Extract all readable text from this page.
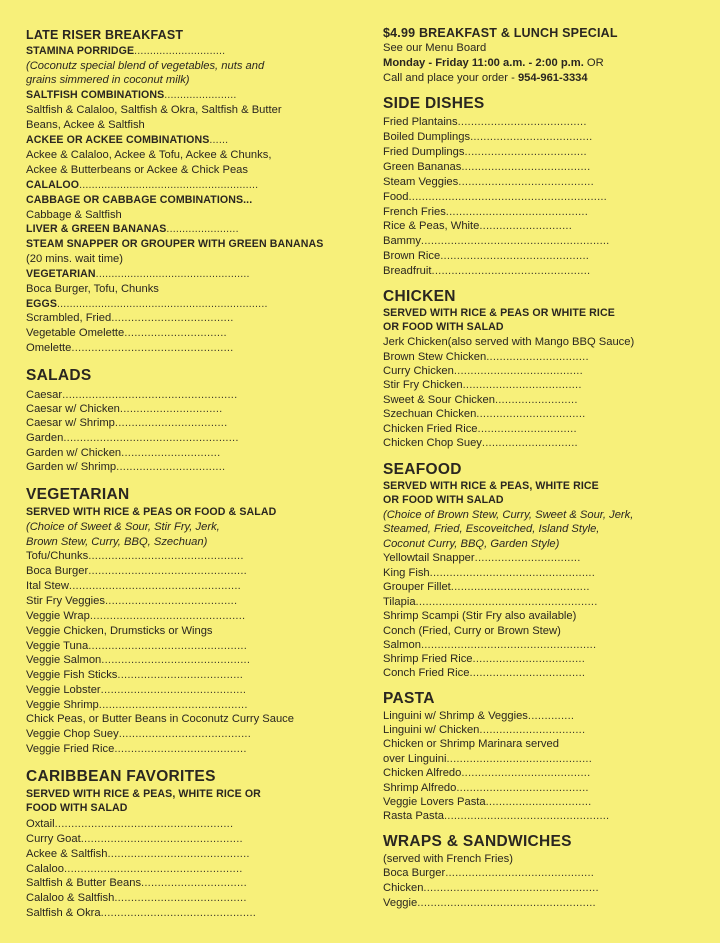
LATE RISER BREAKFAST
STAMINA PORRIDGE.............................
(Coconutz special blend of vegetables, nuts and
grains simmered in coconut milk)
SALTFISH COMBINATIONS.......................
Saltfish & Calaloo, Saltfish & Okra, Saltfish & Butter
Beans, Ackee & Saltfish
ACKEE OR ACKEE COMBINATIONS......
Ackee & Calaloo, Ackee & Tofu, Ackee & Chunks,
Ackee & Butterbeans or Ackee & Chick Peas
CALALOO.........................................................
CABBAGE OR CABBAGE COMBINATIONS...
Cabbage & Saltfish
LIVER & GREEN BANANAS.......................
STEAM SNAPPER OR GROUPER WITH GREEN BANANAS
(20 mins. wait time)
VEGETARIAN.................................................
Boca Burger, Tofu, Chunks
EGGS...................................................................
Scrambled, Fried.....................................
Vegetable Omelette...............................
Omelette.................................................
SALADS
Caesar.....................................................
Caesar w/ Chicken...............................
Caesar w/ Shrimp..................................
Garden.....................................................
Garden w/ Chicken..............................
Garden w/ Shrimp.................................
VEGETARIAN
SERVED WITH RICE & PEAS OR FOOD & SALAD
(Choice of Sweet & Sour, Stir Fry, Jerk,
Brown Stew, Curry, BBQ, Szechuan)
Tofu/Chunks...............................................
Boca Burger................................................
Ital Stew....................................................
Stir Fry Veggies........................................
Veggie Wrap...............................................
Veggie Chicken, Drumsticks or Wings
Veggie Tuna................................................
Veggie Salmon.............................................
Veggie Fish Sticks......................................
Veggie Lobster............................................
Veggie Shrimp.............................................
Chick Peas, or Butter Beans in Coconutz Curry Sauce
Veggie Chop Suey........................................
Veggie Fried Rice........................................
CARIBBEAN FAVORITES
SERVED WITH RICE & PEAS, WHITE RICE OR
FOOD WITH SALAD
Oxtail......................................................
Curry Goat.................................................
Ackee & Saltfish...........................................
Calaloo......................................................
Saltfish & Butter Beans................................
Calaloo & Saltfish........................................
Saltfish & Okra...............................................
$4.99 BREAKFAST & LUNCH SPECIAL
See our Menu Board
Monday - Friday 11:00 a.m. - 2:00 p.m. OR
Call and place your order - 954-961-3334
SIDE DISHES
Fried Plantains.......................................
Boiled Dumplings.....................................
Fried Dumplings.....................................
Green Bananas.......................................
Steam Veggies.........................................
Food............................................................
French Fries...........................................
Rice & Peas, White............................
Bammy.........................................................
Brown Rice.............................................
Breadfruit................................................
CHICKEN
SERVED WITH RICE & PEAS OR WHITE RICE
OR FOOD WITH SALAD
Jerk Chicken(also served with Mango BBQ Sauce)
Brown Stew Chicken...............................
Curry Chicken.......................................
Stir Fry Chicken....................................
Sweet & Sour Chicken.........................
Szechuan Chicken.................................
Chicken Fried Rice..............................
Chicken Chop Suey.............................
SEAFOOD
SERVED WITH RICE & PEAS, WHITE RICE
OR FOOD WITH SALAD
(Choice of Brown Stew, Curry, Sweet & Sour, Jerk,
Steamed, Fried, Escoveitched, Island Style,
Coconut Curry, BBQ, Garden Style)
Yellowtail Snapper................................
King Fish..................................................
Grouper Fillet..........................................
Tilapia.......................................................
Shrimp Scampi (Stir Fry also available)
Conch (Fried, Curry or Brown Stew)
Salmon.....................................................
Shrimp Fried Rice..................................
Conch Fried Rice...................................
PASTA
Linguini w/ Shrimp & Veggies..............
Linguini w/ Chicken................................
Chicken or Shrimp Marinara served
over Linguini............................................
Chicken Alfredo.......................................
Shrimp Alfredo........................................
Veggie Lovers Pasta................................
Rasta Pasta..................................................
WRAPS & SANDWICHES
(served with French Fries)
Boca Burger.............................................
Chicken.....................................................
Veggie......................................................
